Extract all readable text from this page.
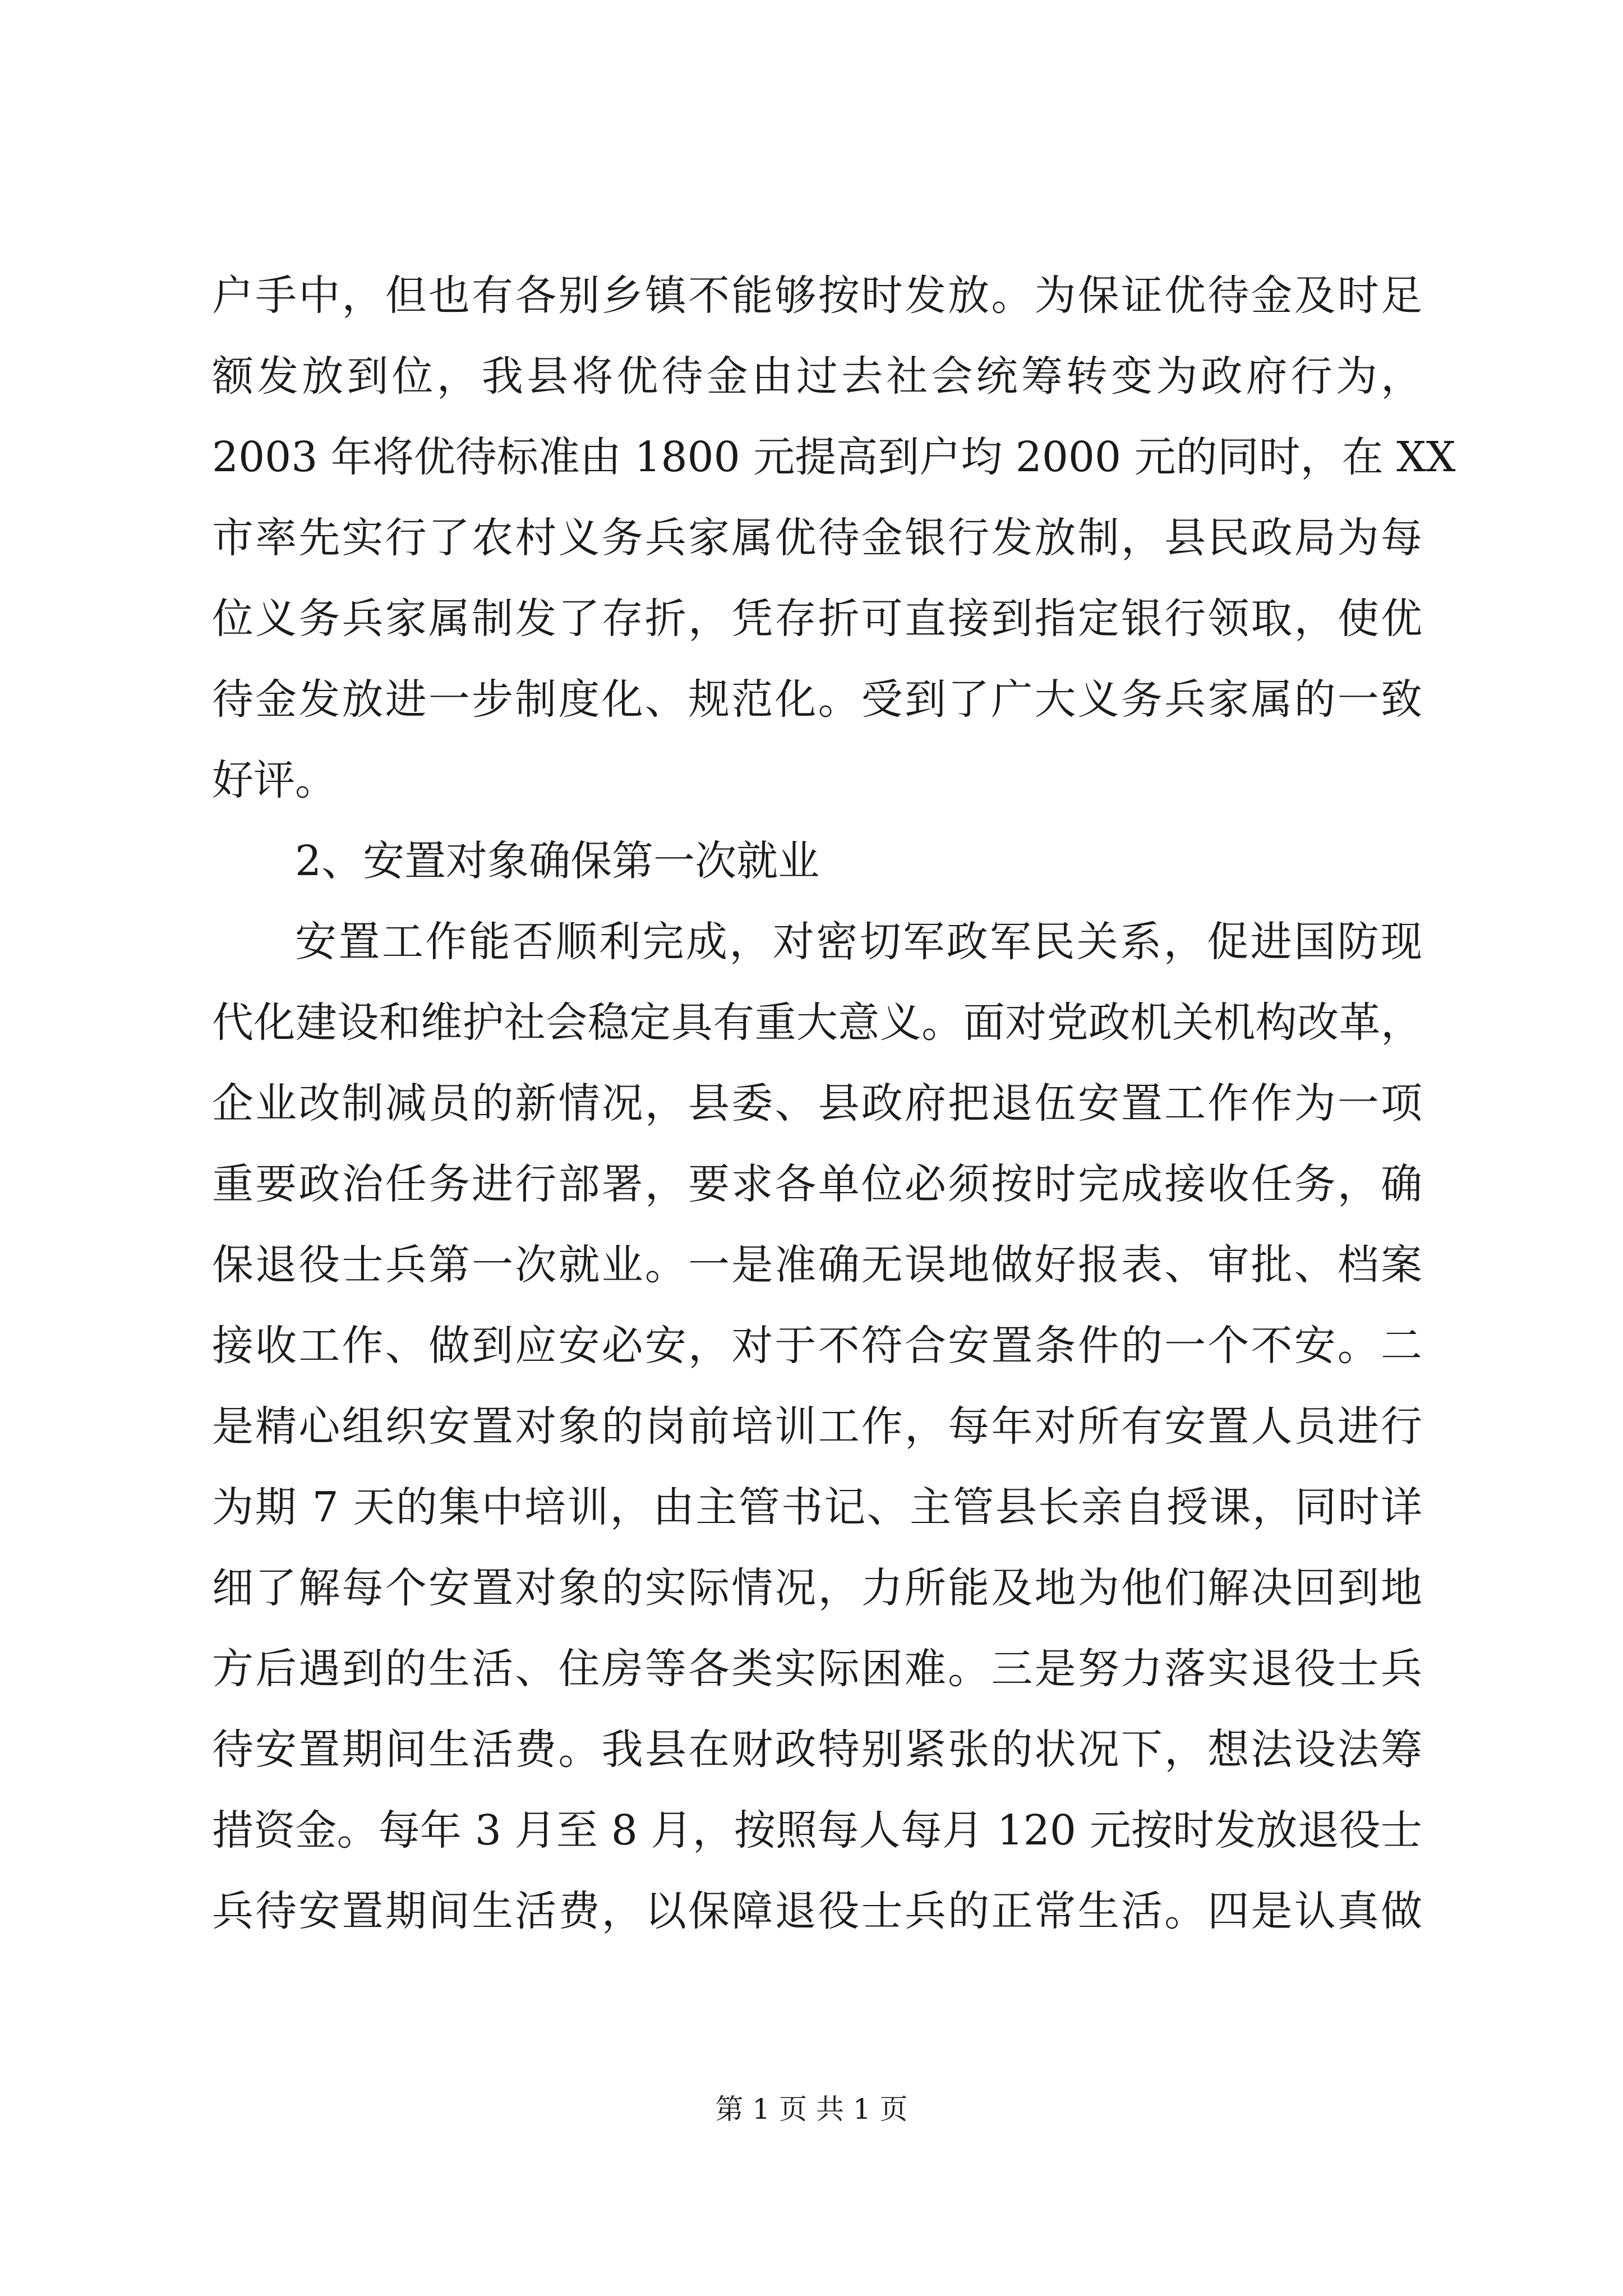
户手中，但也有各别乡镇不能够按时发放。为保证优待金及时足
额发放到位，我县将优待金由过去社会统筹转变为政府行为，
2003 年将优待标准由 1800 元提高到户均 2000 元的同时，在 XX
市率先实行了农村义务兵家属优待金银行发放制，县民政局为每
位义务兵家属制发了存折，凭存折可直接到指定银行领取，使优
待金发放进一步制度化、规范化。受到了广大义务兵家属的一致
好评。
2、安置对象确保第一次就业
安置工作能否顺利完成，对密切军政军民关系，促进国防现
代化建设和维护社会稳定具有重大意义。面对党政机关机构改革，
企业改制减员的新情况，县委、县政府把退伍安置工作作为一项
重要政治任务进行部署，要求各单位必须按时完成接收任务，确
保退役士兵第一次就业。一是准确无误地做好报表、审批、档案
接收工作、做到应安必安，对于不符合安置条件的一个不安。二
是精心组织安置对象的岗前培训工作，每年对所有安置人员进行
为期 7 天的集中培训，由主管书记、主管县长亲自授课，同时详
细了解每个安置对象的实际情况，力所能及地为他们解决回到地
方后遇到的生活、住房等各类实际困难。三是努力落实退役士兵
待安置期间生活费。我县在财政特别紧张的状况下，想法设法筹
措资金。每年 3 月至 8 月，按照每人每月 120 元按时发放退役士
兵待安置期间生活费，以保障退役士兵的正常生活。四是认真做
第 1 页 共 1 页
